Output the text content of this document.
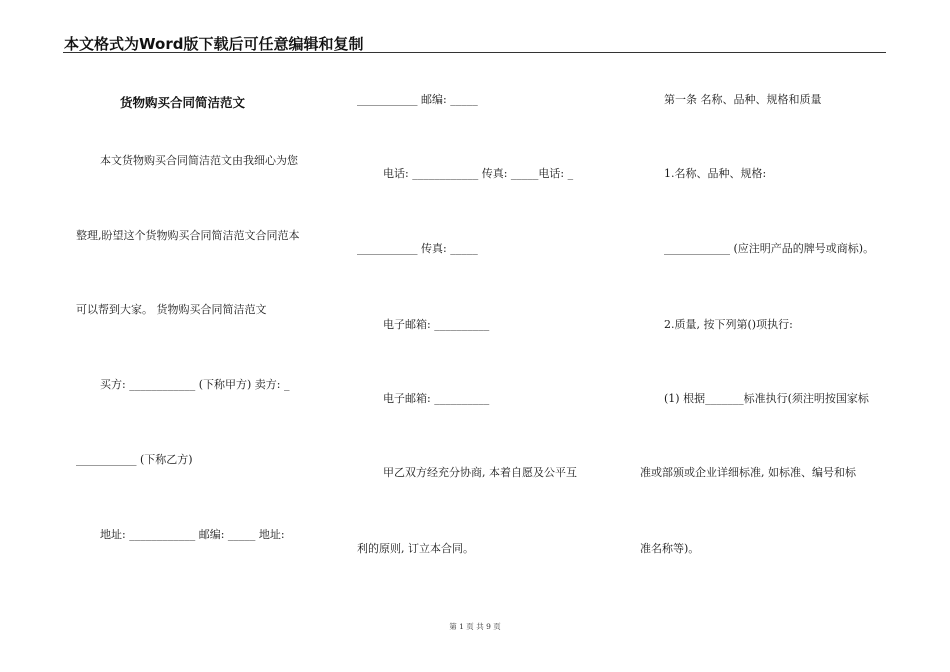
本文格式为Word版下载后可任意编辑和复制
货物购买合同简洁范文
本文货物购买合同简洁范文由我细心为您
整理,盼望这个货物购买合同简洁范文合同范本
可以帮到大家。 货物购买合同简洁范文
买方: ____________ (下称甲方) 卖方: _
___________ (下称乙方)
地址: ____________ 邮编: _____ 地址:
___________ 邮编: _____
电话: ____________ 传真: _____电话: _
___________ 传真: _____
电子邮箱: __________
电子邮箱: __________
甲乙双方经充分协商, 本着自愿及公平互
利的原则, 订立本合同。
第一条 名称、品种、规格和质量
1.名称、品种、规格:
____________ (应注明产品的牌号或商标)。
2.质量, 按下列第()项执行:
(1) 根据_______标准执行(须注明按国家标
准或部颁或企业详细标准, 如标准、编号和标
准名称等)。
第 1 页 共 9 页
